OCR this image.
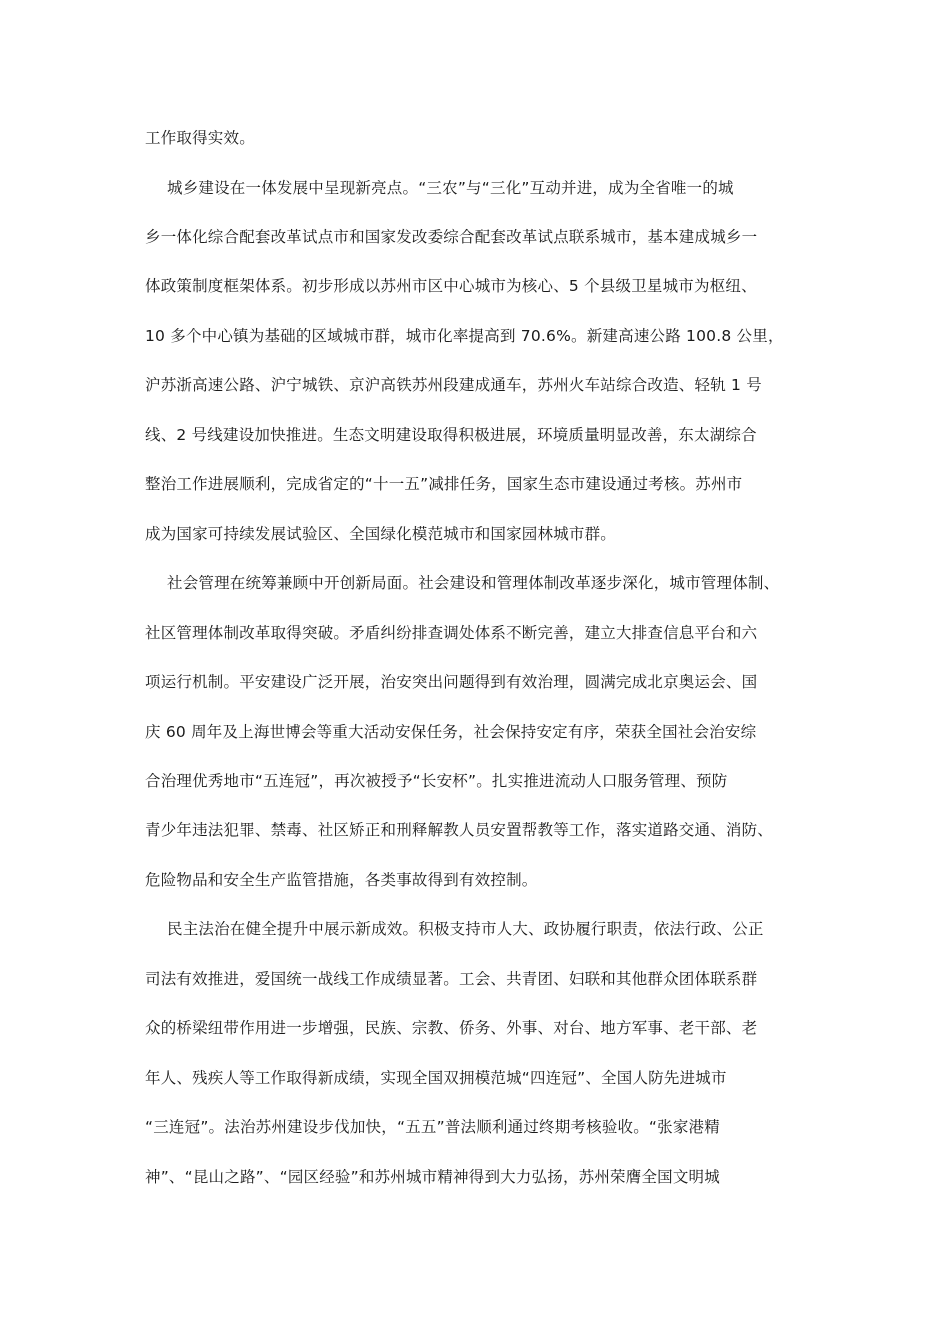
工作取得实效。
城乡建设在一体发展中呈现新亮点。“三农”与“三化”互动并进，成为全省唯一的城
乡一体化综合配套改革试点市和国家发改委综合配套改革试点联系城市，基本建成城乡一
体政策制度框架体系。初步形成以苏州市区中心城市为核心、5 个县级卫星城市为枢纽、
10 多个中心镇为基础的区域城市群，城市化率提高到 70.6%。新建高速公路 100.8 公里，
沪苏浙高速公路、沪宁城铁、京沪高铁苏州段建成通车，苏州火车站综合改造、轻轨 1 号
线、2 号线建设加快推进。生态文明建设取得积极进展，环境质量明显改善，东太湖综合
整治工作进展顺利，完成省定的“十一五”减排任务，国家生态市建设通过考核。苏州市
成为国家可持续发展试验区、全国绿化模范城市和国家园林城市群。
社会管理在统筹兼顾中开创新局面。社会建设和管理体制改革逐步深化，城市管理体制、
社区管理体制改革取得突破。矛盾纠纷排查调处体系不断完善，建立大排查信息平台和六
项运行机制。平安建设广泛开展，治安突出问题得到有效治理，圆满完成北京奥运会、国
庆 60 周年及上海世博会等重大活动安保任务，社会保持安定有序，荣获全国社会治安综
合治理优秀地市“五连冠”，再次被授予“长安杯”。扎实推进流动人口服务管理、预防
青少年违法犯罪、禁毒、社区矫正和刑释解教人员安置帮教等工作，落实道路交通、消防、
危险物品和安全生产监管措施，各类事故得到有效控制。
民主法治在健全提升中展示新成效。积极支持市人大、政协履行职责，依法行政、公正
司法有效推进，爱国统一战线工作成绩显著。工会、共青团、妇联和其他群众团体联系群
众的桥梁纽带作用进一步增强，民族、宗教、侨务、外事、对台、地方军事、老干部、老
年人、残疾人等工作取得新成绩，实现全国双拥模范城“四连冠”、全国人防先进城市
“三连冠”。法治苏州建设步伐加快，“五五”普法顺利通过终期考核验收。“张家港精
神”、“昆山之路”、“园区经验”和苏州城市精神得到大力弘扬，苏州荣膺全国文明城
